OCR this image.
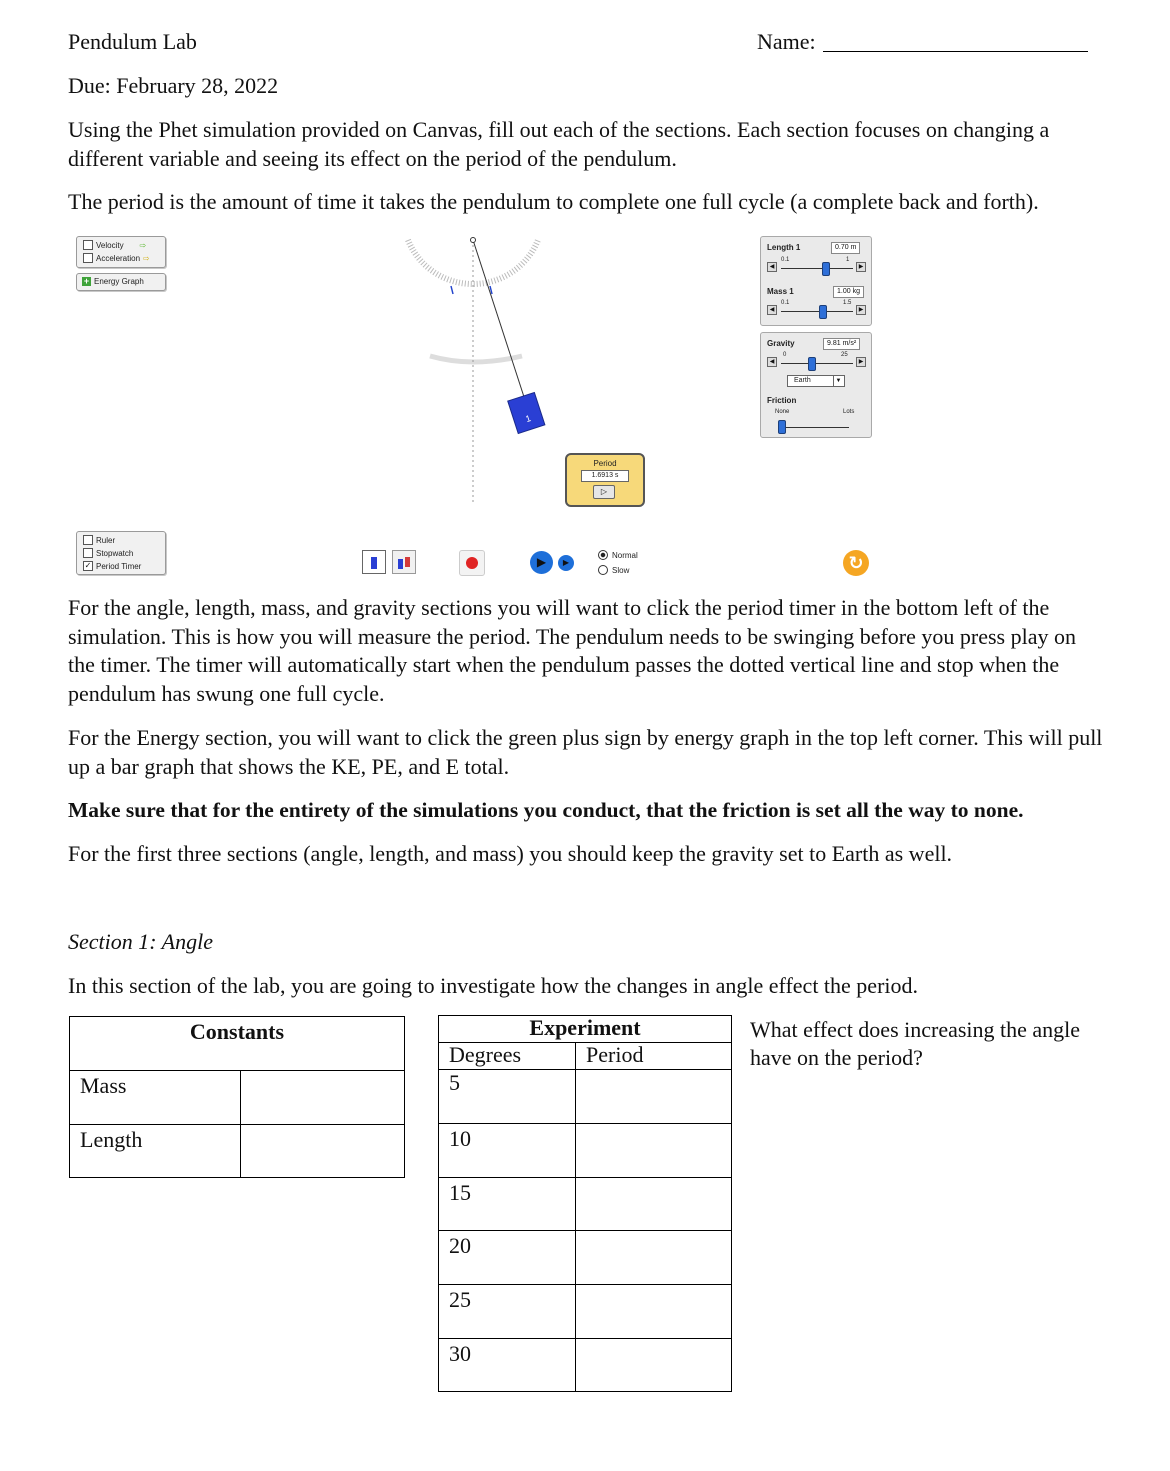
Pendulum Lab	Name:
Due: February 28, 2022
Using the Phet simulation provided on Canvas, fill out each of the sections. Each section focuses on changing a different variable and seeing its effect on the period of the pendulum.
The period is the amount of time it takes the pendulum to complete one full cycle (a complete back and forth).
Velocity ⇨
Acceleration ⇨
+ Energy Graph
1
Period
1.6913 s
▷
Length 1	0.70 m
0.1	1
◀	▶
Mass 1	1.00 kg
0.1	1.5
◀	▶
Gravity	9.81 m/s²
0	25
◀	▶
Earth	▼
Friction
None	Lots
Ruler
Stopwatch
✓ Period Timer	▶	▶
Normal
Slow	↻
For the angle, length, mass, and gravity sections you will want to click the period timer in the bottom left of the simulation. This is how you will measure the period. The pendulum needs to be swinging before you press play on the timer. The timer will automatically start when the pendulum passes the dotted vertical line and stop when the pendulum has swung one full cycle.
For the Energy section, you will want to click the green plus sign by energy graph in the top left corner. This will pull up a bar graph that shows the KE, PE, and E total.
Make sure that for the entirety of the simulations you conduct, that the friction is set all the way to none.
For the first three sections (angle, length, and mass) you should keep the gravity set to Earth as well.
Section 1: Angle
In this section of the lab, you are going to investigate how the changes in angle effect the period.
Constants	
Mass	
Length	
Experiment	
Degrees	Period
5	
10	
15	
20	
25	
30	
What effect does increasing the angle have on the period?
